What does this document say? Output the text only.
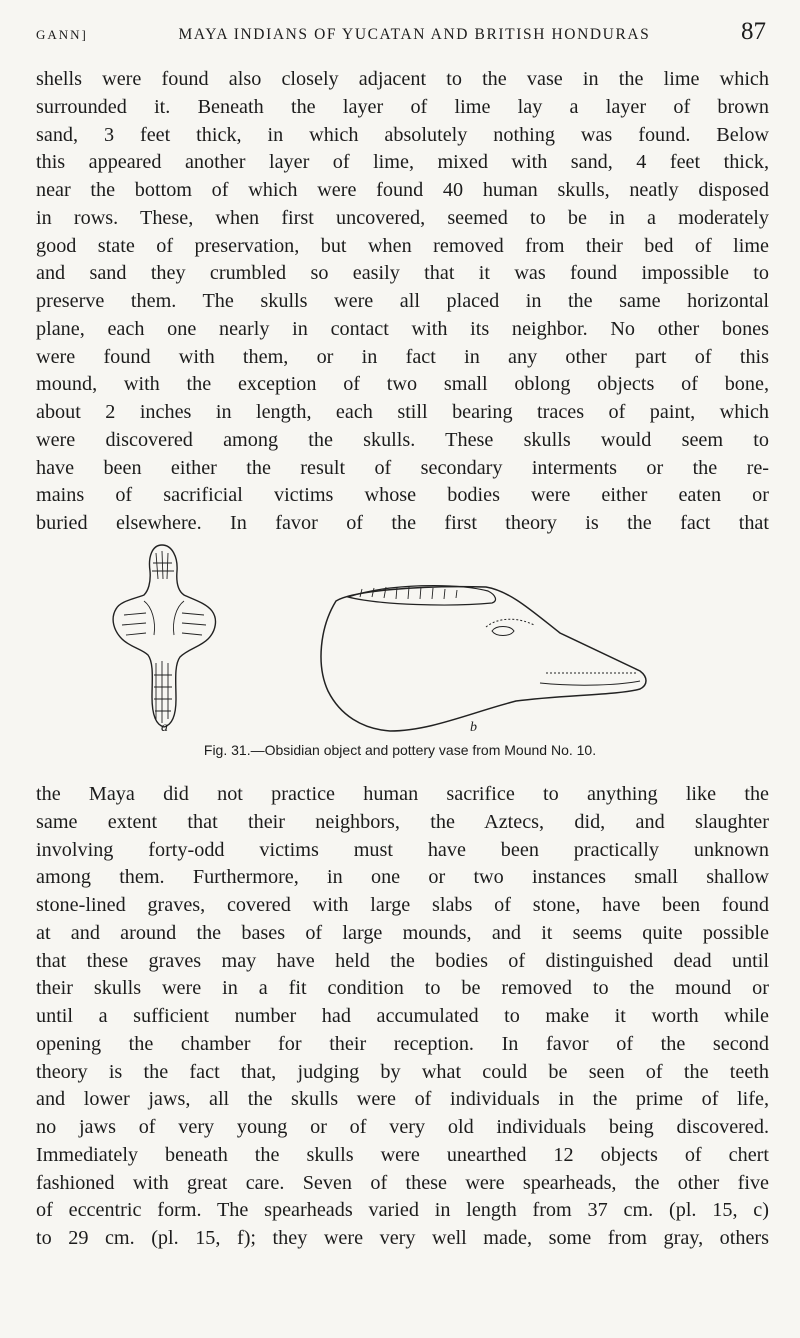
GANN]	MAYA INDIANS OF YUCATAN AND BRITISH HONDURAS	87
shells were found also closely adjacent to the vase in the lime which
surrounded it. Beneath the layer of lime lay a layer of brown
sand, 3 feet thick, in which absolutely nothing was found. Below
this appeared another layer of lime, mixed with sand, 4 feet thick,
near the bottom of which were found 40 human skulls, neatly disposed
in rows. These, when first uncovered, seemed to be in a moderately
good state of preservation, but when removed from their bed of lime
and sand they crumbled so easily that it was found impossible to
preserve them. The skulls were all placed in the same horizontal
plane, each one nearly in contact with its neighbor. No other bones
were found with them, or in fact in any other part of this
mound, with the exception of two small oblong objects of bone,
about 2 inches in length, each still bearing traces of paint, which
were discovered among the skulls. These skulls would seem to
have been either the result of secondary interments or the re-
mains of sacrificial victims whose bodies were either eaten or
buried elsewhere. In favor of the first theory is the fact that
a	b
Fig. 31.—Obsidian object and pottery vase from Mound No. 10.
the Maya did not practice human sacrifice to anything like the
same extent that their neighbors, the Aztecs, did, and slaughter
involving forty-odd victims must have been practically unknown
among them. Furthermore, in one or two instances small shallow
stone-lined graves, covered with large slabs of stone, have been found
at and around the bases of large mounds, and it seems quite possible
that these graves may have held the bodies of distinguished dead until
their skulls were in a fit condition to be removed to the mound or
until a sufficient number had accumulated to make it worth while
opening the chamber for their reception. In favor of the second
theory is the fact that, judging by what could be seen of the teeth
and lower jaws, all the skulls were of individuals in the prime of life,
no jaws of very young or of very old individuals being discovered.
Immediately beneath the skulls were unearthed 12 objects of chert
fashioned with great care. Seven of these were spearheads, the other five
of eccentric form. The spearheads varied in length from 37 cm. (pl. 15, c)
to 29 cm. (pl. 15, f); they were very well made, some from gray, others
